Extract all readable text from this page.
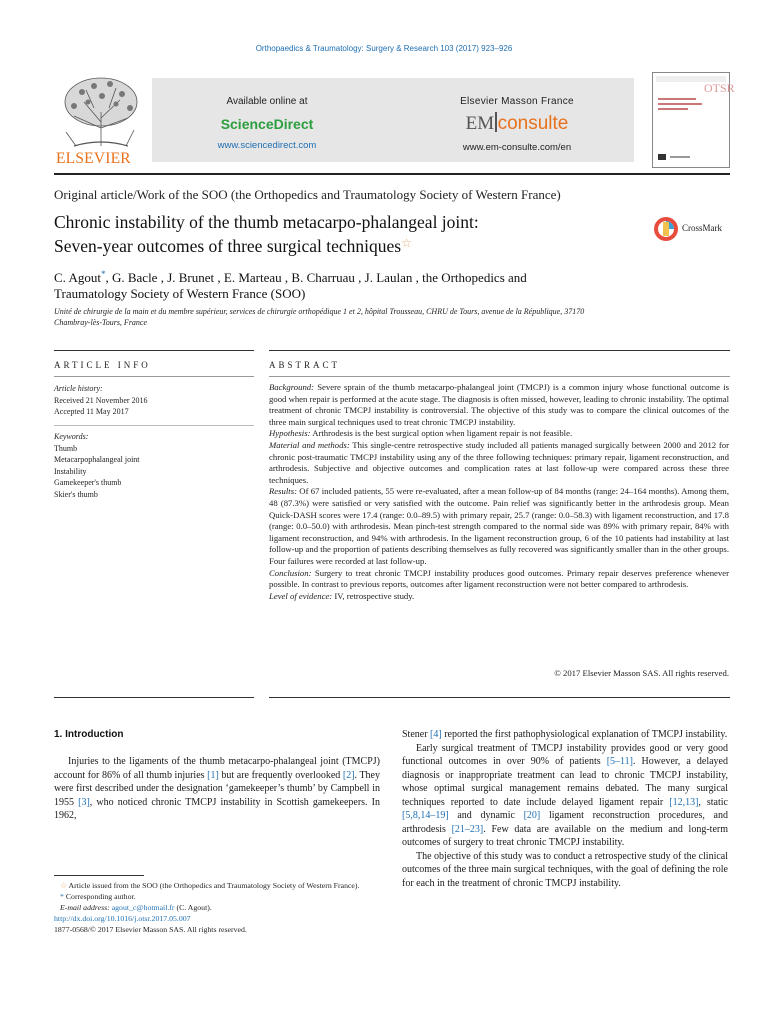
Orthopaedics & Traumatology: Surgery & Research 103 (2017) 923–926
ELSEVIER
Available online at
ScienceDirect
www.sciencedirect.com
Elsevier Masson France
EM consulte
www.em-consulte.com/en
OTSR
Original article/Work of the SOO (the Orthopedics and Traumatology Society of Western France)
Chronic instability of the thumb metacarpo-phalangeal joint:
Seven-year outcomes of three surgical techniques☆
CrossMark
C. Agout*, G. Bacle , J. Brunet , E. Marteau , B. Charruau , J. Laulan , the Orthopedics and
Traumatology Society of Western France (SOO)
Unité de chirurgie de la main et du membre supérieur, services de chirurgie orthopédique 1 et 2, hôpital Trousseau, CHRU de Tours, avenue de la République, 37170 Chambray-lès-Tours, France
ARTICLE INFO	ABSTRACT
Article history:
Received 21 November 2016
Accepted 11 May 2017
Keywords:
Thumb
Metacarpophalangeal joint
Instability
Gamekeeper's thumb
Skier's thumb

Background: Severe sprain of the thumb metacarpo-phalangeal joint (TMCPJ) is a common injury whose functional outcome is good when repair is performed at the acute stage. The diagnosis is often missed, however, leading to chronic instability. The optimal treatment of chronic TMCPJ instability is controversial. The objective of this study was to compare the clinical outcomes of the three main surgical techniques used to treat chronic TMCPJ instability.

Hypothesis: Arthrodesis is the best surgical option when ligament repair is not feasible.

Material and methods: This single-centre retrospective study included all patients managed surgically between 2000 and 2012 for chronic post-traumatic TMCPJ instability using any of the three following techniques: primary repair, ligament reconstruction, and arthrodesis. Subjective and objective outcomes and complication rates at last follow-up were compared across these three techniques.

Results: Of 67 included patients, 55 were re-evaluated, after a mean follow-up of 84 months (range: 24–164 months). Among them, 48 (87.3%) were satisfied or very satisfied with the outcome. Pain relief was significantly better in the arthrodesis group. Mean Quick-DASH scores were 17.4 (range: 0.0–89.5) with primary repair, 25.7 (range: 0.0–58.3) with ligament reconstruction, and 17.8 (range: 0.0–50.0) with arthrodesis. Mean pinch-test strength compared to the normal side was 89% with primary repair, 84% with ligament reconstruction, and 94% with arthrodesis. In the ligament reconstruction group, 6 of the 10 patients had instability at last follow-up and the proportion of patients describing themselves as fully recovered was significantly smaller than in the other groups. Four failures were recorded at last follow-up.

Conclusion: Surgery to treat chronic TMCPJ instability produces good outcomes. Primary repair deserves preference whenever possible. In contrast to previous reports, outcomes after ligament reconstruction were not better compared to arthrodesis.

Level of evidence: IV, retrospective study.

© 2017 Elsevier Masson SAS. All rights reserved.
1. Introduction

Injuries to the ligaments of the thumb metacarpo-phalangeal joint (TMCPJ) account for 86% of all thumb injuries [1] but are frequently overlooked [2]. They were first described under the designation ‘gamekeeper’s thumb’ by Campbell in 1955 [3], who noticed chronic TMCPJ instability in Scottish gamekeepers. In 1962,

Stener [4] reported the first pathophysiological explanation of TMCPJ instability.

Early surgical treatment of TMCPJ instability provides good or very good functional outcomes in over 90% of patients [5–11]. However, a delayed diagnosis or inappropriate treatment can lead to chronic TMCPJ instability, whose optimal surgical management remains debated. The many surgical techniques reported to date include delayed ligament repair [12,13], static [5,8,14–19] and dynamic [20] ligament reconstruction procedures, and arthrodesis [21–23]. Few data are available on the medium and long-term outcomes of surgery to treat chronic TMCPJ instability.

The objective of this study was to conduct a retrospective study of the clinical outcomes of the three main surgical techniques, with the goal of defining the role for each in the treatment of chronic TMCPJ instability.

☆ Article issued from the SOO (the Orthopedics and Traumatology Society of Western France).

* Corresponding author.

E-mail address: agout_c@hotmail.fr (C. Agout).

http://dx.doi.org/10.1016/j.otsr.2017.05.007

1877-0568/© 2017 Elsevier Masson SAS. All rights reserved.
